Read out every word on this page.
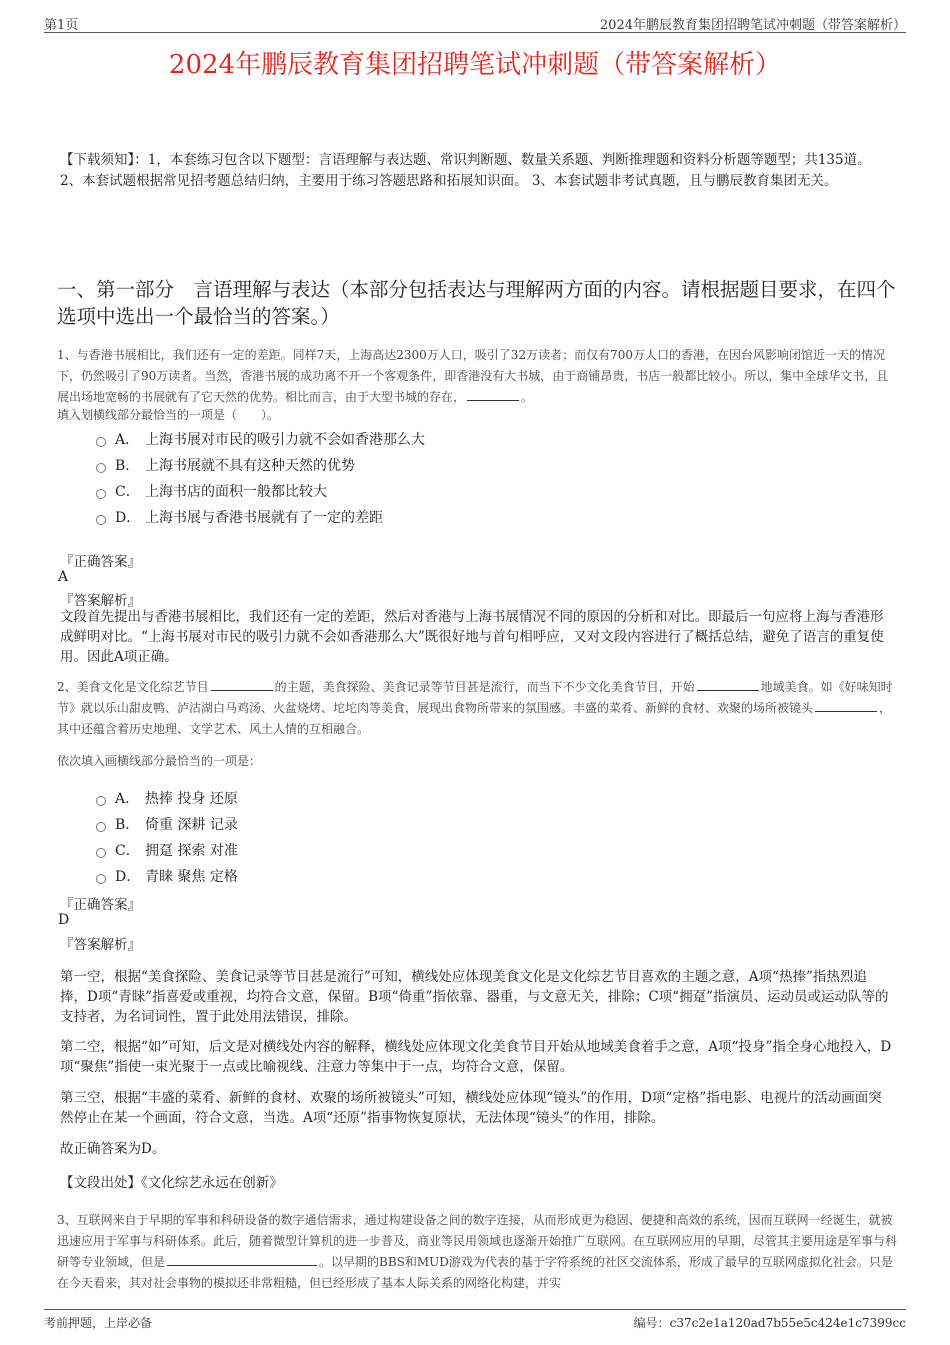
第1页	2024年鹏辰教育集团招聘笔试冲刺题（带答案解析）
2024年鹏辰教育集团招聘笔试冲刺题（带答案解析）
【下载须知】：1，本套练习包含以下题型：言语理解与表达题、常识判断题、数量关系题、判断推理题和资料分析题等题型；共135道。 2、本套试题根据常见招考题总结归纳，主要用于练习答题思路和拓展知识面。 3、本套试题非考试真题，且与鹏辰教育集团无关。
一、第一部分　言语理解与表达（本部分包括表达与理解两方面的内容。请根据题目要求，在四个选项中选出一个最恰当的答案。）
1、与香港书展相比，我们还有一定的差距。同样7天，上海高达2300万人口，吸引了32万读者；而仅有700万人口的香港，在因台风影响闭馆近一天的情况下，仍然吸引了90万读者。当然，香港书展的成功离不开一个客观条件，即香港没有大书城，由于商铺昂贵，书店一般都比较小。所以，集中全球华文书，且展出场地宽畅的书展就有了它天然的优势。相比而言，由于大型书城的存在，	。
填入划横线部分最恰当的一项是（　　）。
A． 上海书展对市民的吸引力就不会如香港那么大
B． 上海书展就不具有这种天然的优势
C． 上海书店的面积一般都比较大
D． 上海书展与香港书展就有了一定的差距
『正确答案』
A
『答案解析』
文段首先提出与香港书展相比，我们还有一定的差距，然后对香港与上海书展情况不同的原因的分析和对比。即最后一句应将上海与香港形成鲜明对比。“上海书展对市民的吸引力就不会如香港那么大”既很好地与首句相呼应，又对文段内容进行了概括总结，避免了语言的重复使用。因此A项正确。
2、美食文化是文化综艺节目	的主题，美食探险、美食记录等节目甚是流行，而当下不少文化美食节目，开始	地域美食。如《好味知时节》就以乐山甜皮鸭、泸沽湖白马鸡汤、火盆烧烤、坨坨肉等美食，展现出食物所带来的氛围感。丰盛的菜肴、新鲜的食材、欢聚的场所被镜头	，其中还蕴含着历史地理、文学艺术、风土人情的互相融合。
依次填入画横线部分最恰当的一项是：
A． 热捧 投身 还原
B． 倚重 深耕 记录
C． 拥趸 探索 对准
D． 青睐 聚焦 定格
『正确答案』
D
『答案解析』
第一空，根据“美食探险、美食记录等节目甚是流行”可知，横线处应体现美食文化是文化综艺节目喜欢的主题之意，A项“热捧”指热烈追捧，D项“青睐”指喜爱或重视，均符合文意，保留。B项“倚重”指依靠、器重，与文意无关，排除；C项“拥趸”指演员、运动员或运动队等的支持者，为名词词性，置于此处用法错误，排除。
第二空，根据“如”可知，后文是对横线处内容的解释，横线处应体现文化美食节目开始从地域美食着手之意，A项“投身”指全身心地投入，D项“聚焦”指使一束光聚于一点或比喻视线、注意力等集中于一点，均符合文意，保留。
第三空，根据“丰盛的菜肴、新鲜的食材、欢聚的场所被镜头”可知，横线处应体现“镜头”的作用，D项“定格”指电影、电视片的活动画面突然停止在某一个画面，符合文意，当选。A项“还原”指事物恢复原状，无法体现“镜头”的作用，排除。
故正确答案为D。
【文段出处】《文化综艺永远在创新》
3、互联网来自于早期的军事和科研设备的数字通信需求，通过构建设备之间的数字连接，从而形成更为稳固、便捷和高效的系统，因而互联网一经诞生，就被迅速应用于军事与科研体系。此后，随着微型计算机的进一步普及，商业等民用领域也逐渐开始推广互联网。在互联网应用的早期，尽管其主要用途是军事与科研等专业领域，但是	。以早期的BBS和MUD游戏为代表的基于字符系统的社区交流体系，形成了最早的互联网虚拟化社会。只是在今天看来，其对社会事物的模拟还非常粗糙，但已经形成了基本人际关系的网络化构建，并实
考前押题，上岸必备	编号：c37c2e1a120ad7b55e5c424e1c7399cc
